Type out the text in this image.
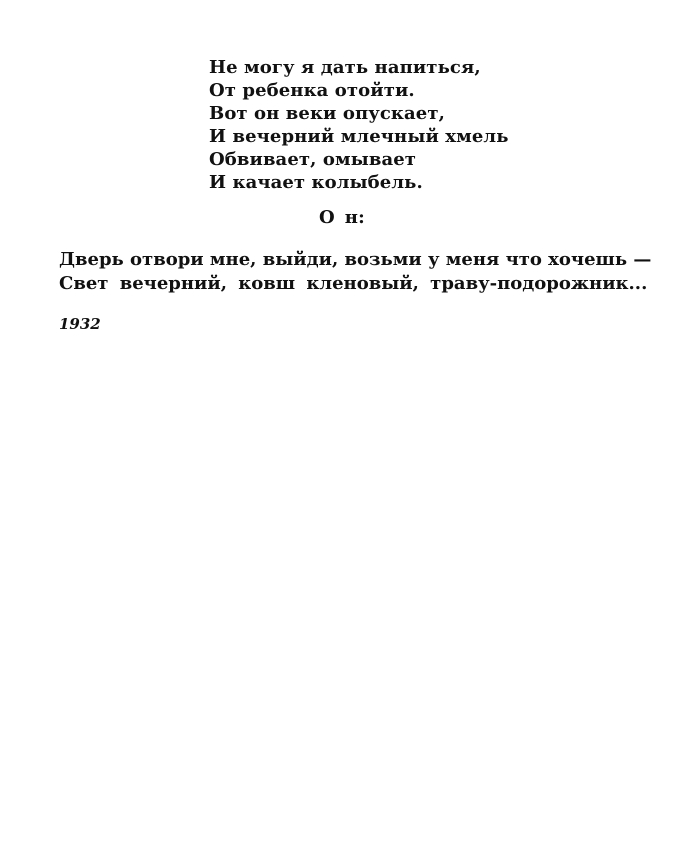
Не могу я дать напиться,
От ребенка отойти.
Вот он веки опускает,
И вечерний млечный хмель
Обвивает, омывает
И качает колыбель.
Он:
Дверь отвори мне, выйди, возьми у меня что хочешь —
Свет вечерний, ковш кленовый, траву-подорожник...
1932
